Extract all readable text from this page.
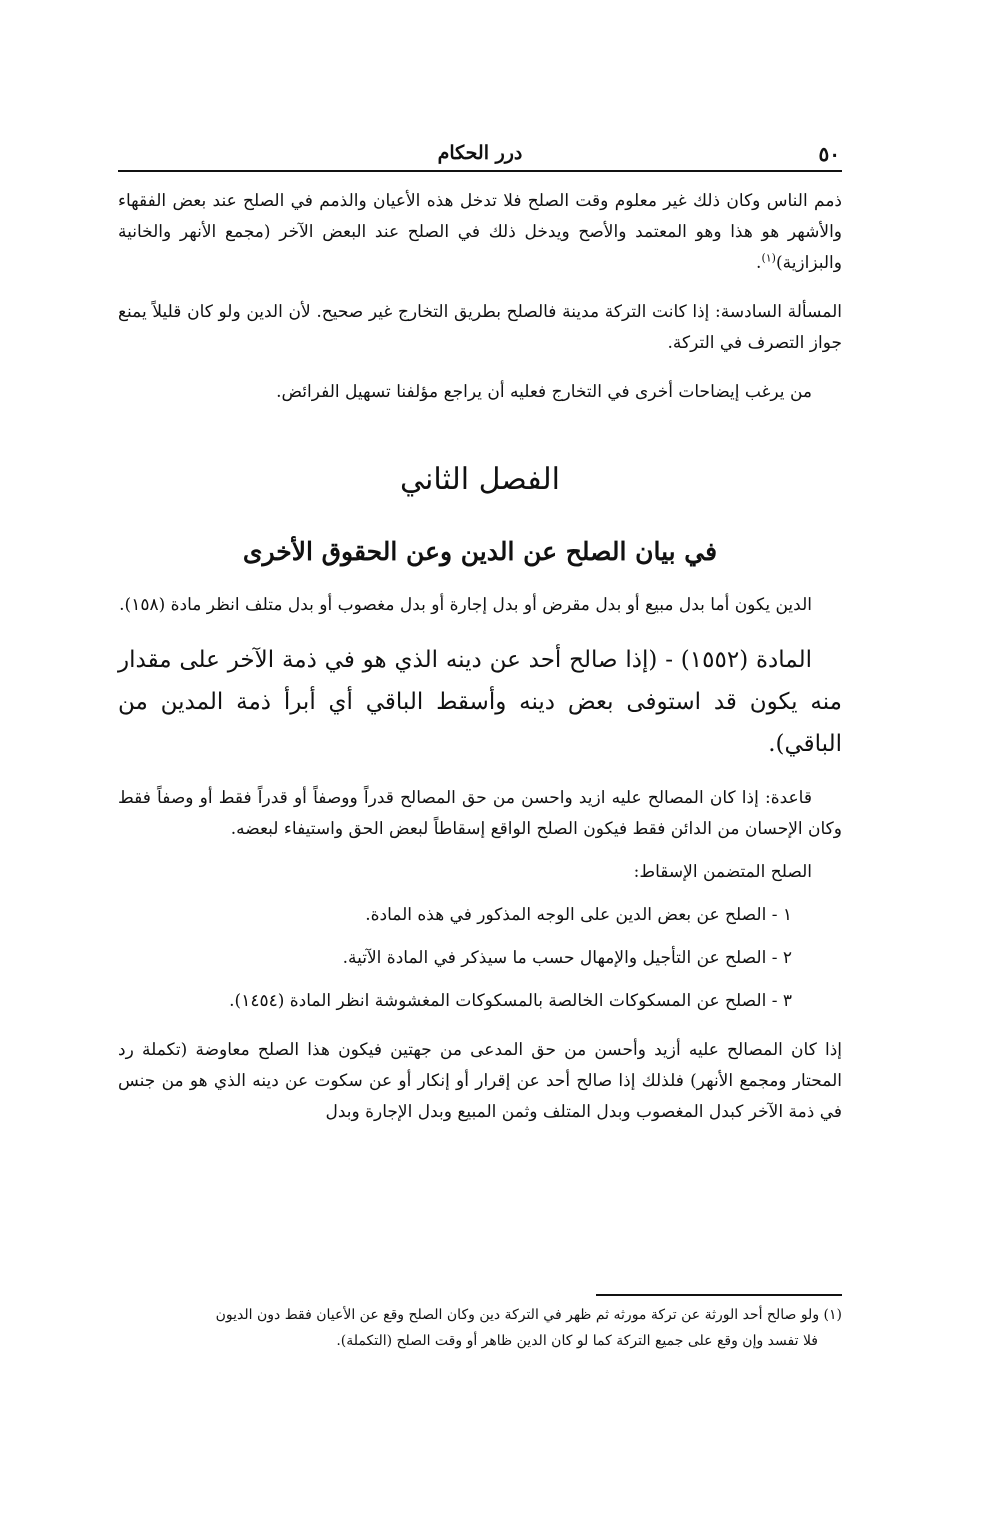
٥٠
درر الحكام

ذمم الناس وكان ذلك غير معلوم وقت الصلح فلا تدخل هذه الأعيان والذمم في الصلح عند بعض الفقهاء والأشهر هو هذا وهو المعتمد والأصح ويدخل ذلك في الصلح عند البعض الآخر (مجمع الأنهر والخانية والبزازية)$^{(١)}$.

المسألة السادسة: إذا كانت التركة مدينة فالصلح بطريق التخارج غير صحيح. لأن الدين ولو كان قليلاً يمنع جواز التصرف في التركة.

من يرغب إيضاحات أخرى في التخارج فعليه أن يراجع مؤلفنا تسهيل الفرائض.

الفصل الثاني
في بيان الصلح عن الدين وعن الحقوق الأخرى

الدين يكون أما بدل مبيع أو بدل مقرض أو بدل إجارة أو بدل مغصوب أو بدل متلف انظر مادة (١٥٨).

المادة (١٥٥٢) - (إذا صالح أحد عن دينه الذي هو في ذمة الآخر على مقدار منه يكون قد استوفى بعض دينه وأسقط الباقي أي أبرأ ذمة المدين من الباقي).

قاعدة: إذا كان المصالح عليه ازيد واحسن من حق المصالح قدراً ووصفاً أو قدراً فقط أو وصفاً فقط وكان الإحسان من الدائن فقط فيكون الصلح الواقع إسقاطاً لبعض الحق واستيفاء لبعضه.

الصلح المتضمن الإسقاط:

١ - الصلح عن بعض الدين على الوجه المذكور في هذه المادة.

٢ - الصلح عن التأجيل والإمهال حسب ما سيذكر في المادة الآتية.

٣ - الصلح عن المسكوكات الخالصة بالمسكوكات المغشوشة انظر المادة (١٤٥٤).

إذا كان المصالح عليه أزيد وأحسن من حق المدعى من جهتين فيكون هذا الصلح معاوضة (تكملة رد المحتار ومجمع الأنهر) فلذلك إذا صالح أحد عن إقرار أو إنكار أو عن سكوت عن دينه الذي هو من جنس في ذمة الآخر كبدل المغصوب وبدل المتلف وثمن المبيع وبدل الإجارة وبدل

(١) ولو صالح أحد الورثة عن تركة مورثه ثم ظهر في التركة دين وكان الصلح وقع عن الأعيان فقط دون الديون

فلا تفسد وإن وقع على جميع التركة كما لو كان الدين ظاهر أو وقت الصلح (التكملة).
